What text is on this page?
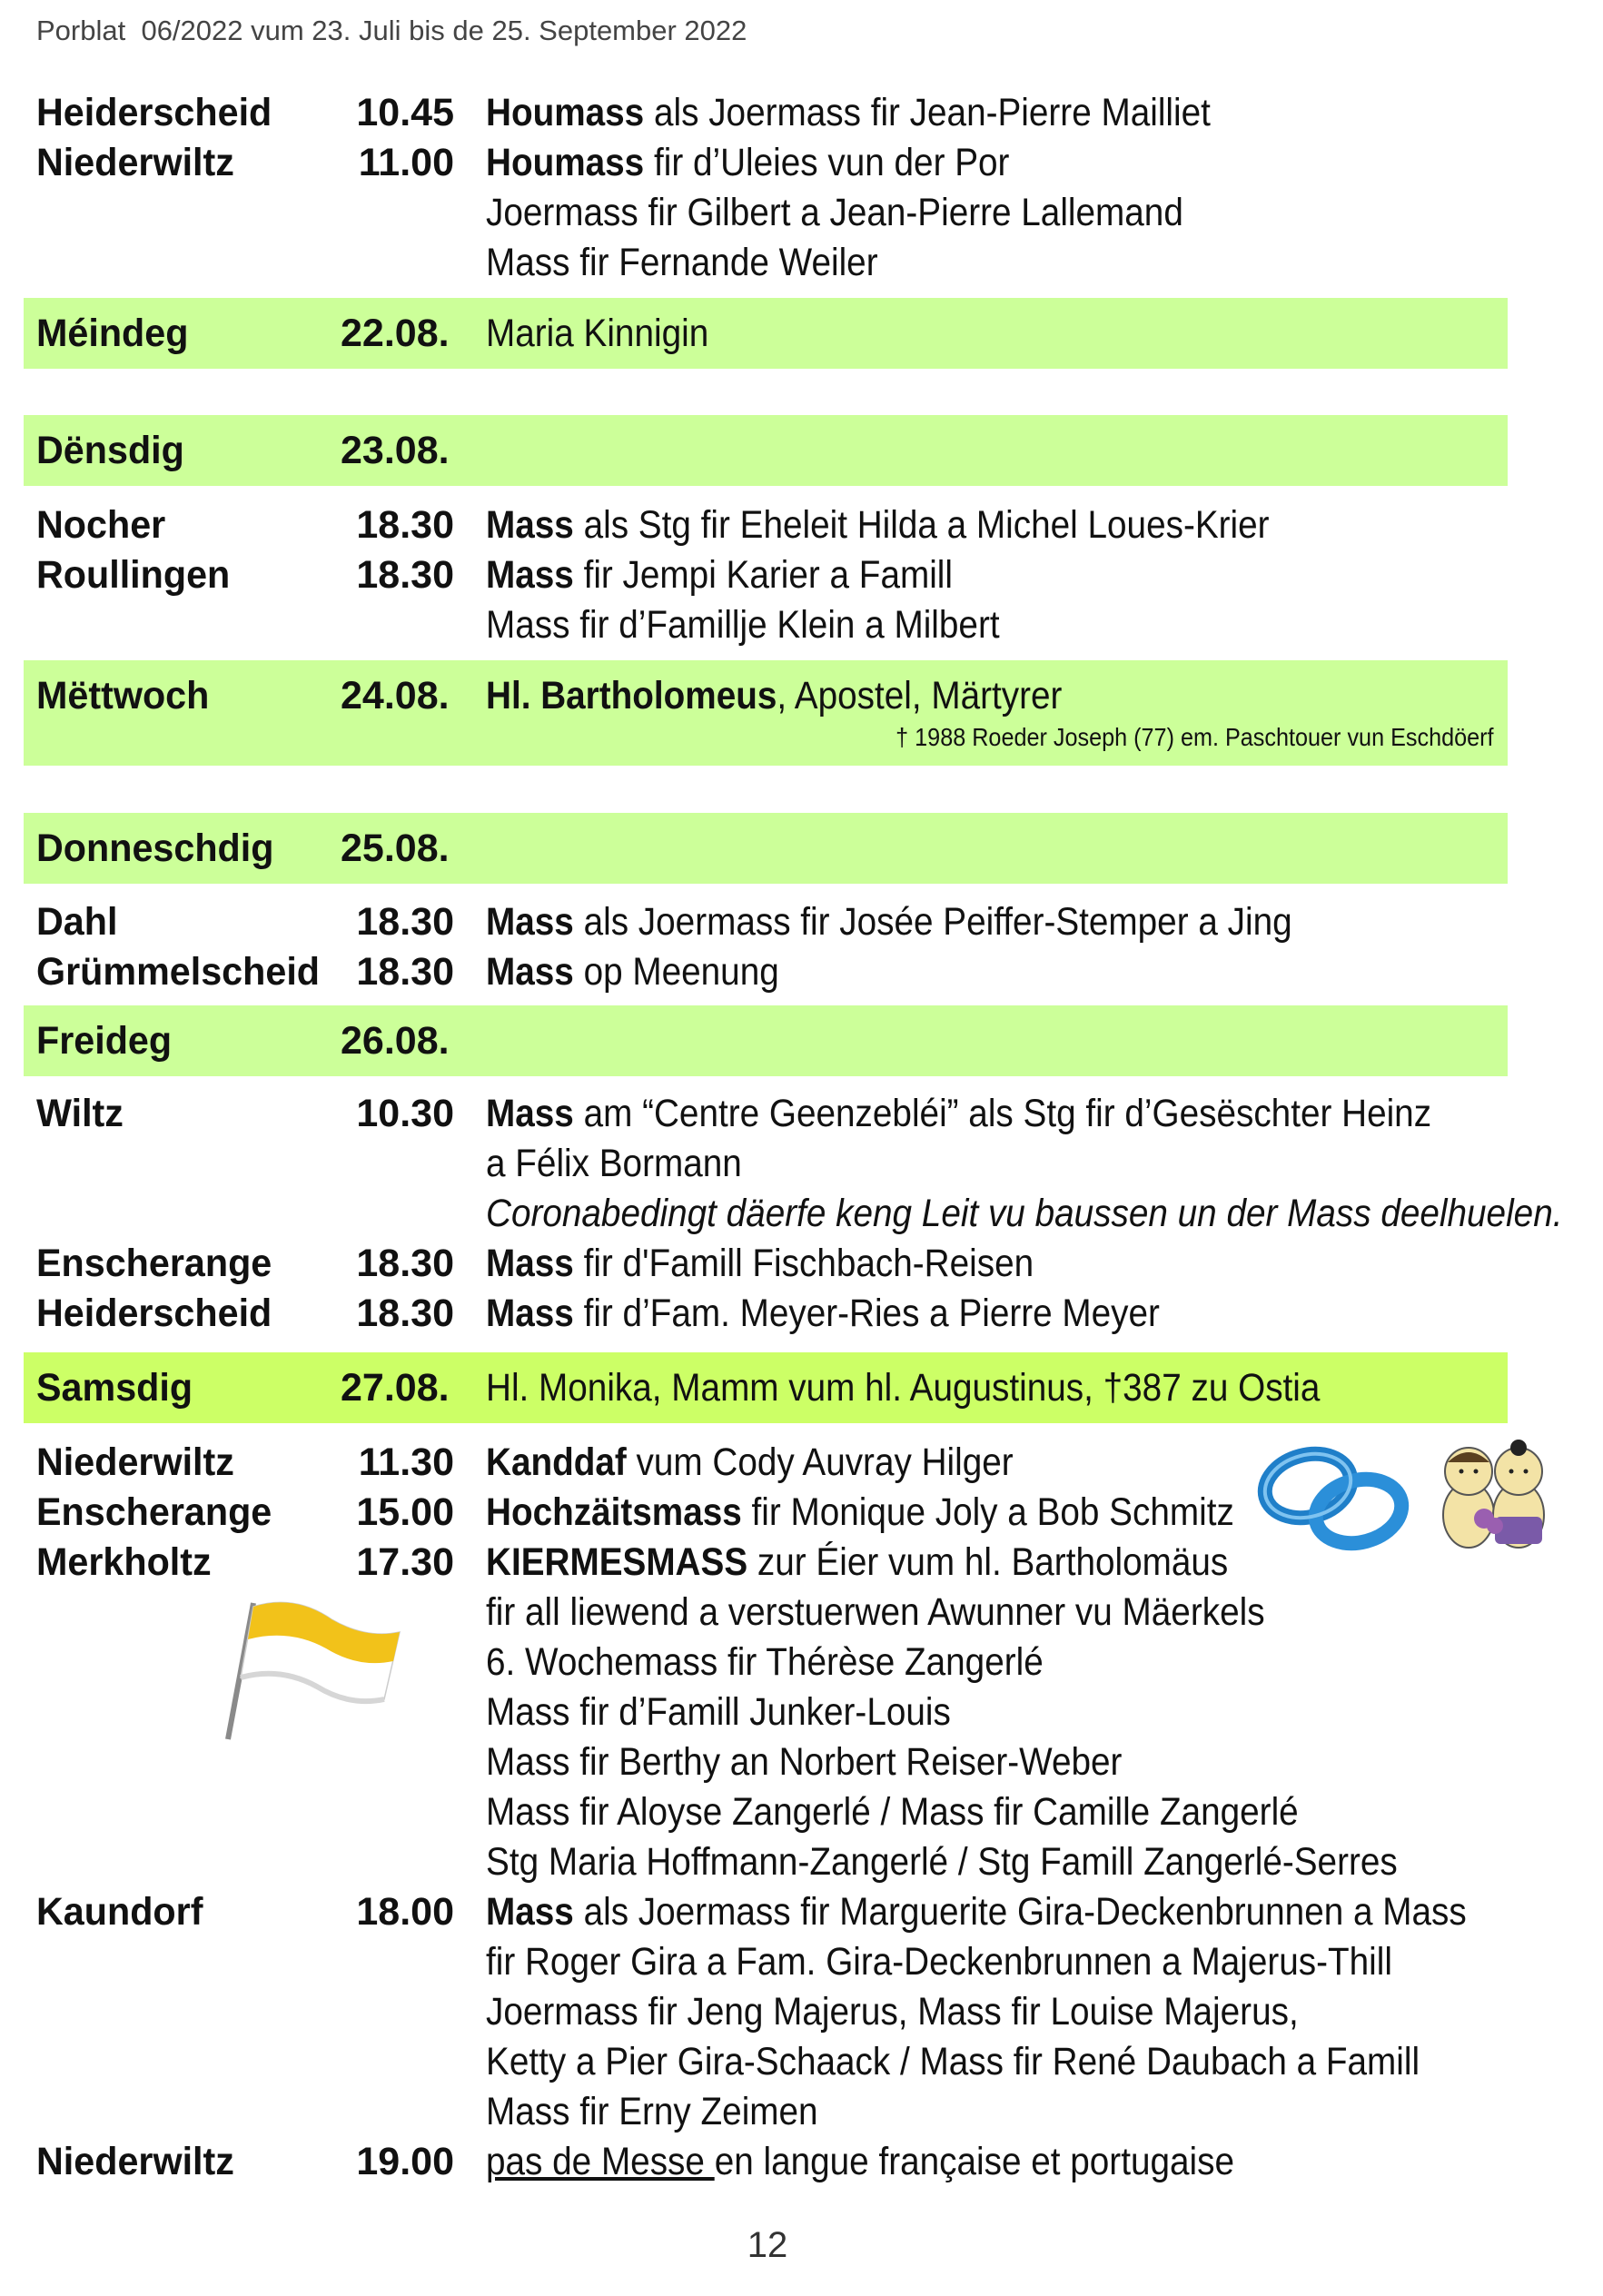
Porblat  06/2022 vum 23. Juli bis de 25. September 2022
Heiderscheid	10.45 Houmass als Joermass fir Jean-Pierre Mailliet
Niederwiltz	11.00 Houmass fir d’Uleies vun der Por
Joermass fir Gilbert a Jean-Pierre Lallemand
Mass fir Fernande Weiler
Méindeg	22.08. Maria Kinnigin
Dënsdig	23.08.
Nocher	18.30 Mass als Stg fir Eheleit Hilda a Michel Loues-Krier
Roullingen	18.30 Mass fir Jempi Karier a Famill
Mass fir d’Famillje Klein a Milbert
Mëttwoch	24.08. Hl. Bartholomeus, Apostel, Märtyrer
† 1988 Roeder Joseph (77) em. Paschtouer vun Eschdöerf
Donneschdig 25.08.
Dahl	18.30 Mass als Joermass fir Josée Peiffer-Stemper a Jing
Grümmelscheid 18.30 Mass op Meenung
Freideg	26.08.
Wiltz	10.30 Mass am “Centre Geenzebléi” als Stg fir d’Gesëschter Heinz
a Félix Bormann
Coronabedingt däerfe keng Leit vu baussen un der Mass deelhuelen.
Enscherange	18.30 Mass fir d'Famill Fischbach-Reisen
Heiderscheid	18.30 Mass fir d’Fam. Meyer-Ries a Pierre Meyer
Samsdig	27.08. Hl. Monika, Mamm vum hl. Augustinus, †387 zu Ostia
Niederwiltz	11.30 Kanddaf vum Cody Auvray Hilger
Enscherange	15.00 Hochzäitsmass fir Monique Joly a Bob Schmitz
Merkholtz	17.30 KIERMESMASS zur Éier vum hl. Bartholomäus
fir all liewend a verstuerwen Awunner vu Mäerkels
6. Wochemass fir Thérèse Zangerlé
Mass fir d’Famill Junker-Louis
Mass fir Berthy an Norbert Reiser-Weber
Mass fir Aloyse Zangerlé / Mass fir Camille Zangerlé
Stg Maria Hoffmann-Zangerlé / Stg Famill Zangerlé-Serres
Kaundorf	18.00 Mass als Joermass fir Marguerite Gira-Deckenbrunnen a Mass
fir Roger Gira a Fam. Gira-Deckenbrunnen a Majerus-Thill
Joermass fir Jeng Majerus, Mass fir Louise Majerus,
Ketty a Pier Gira-Schaack / Mass fir René Daubach a Famill
Mass fir Erny Zeimen
Niederwiltz	19.00 pas de Messe en langue française et portugaise
12
